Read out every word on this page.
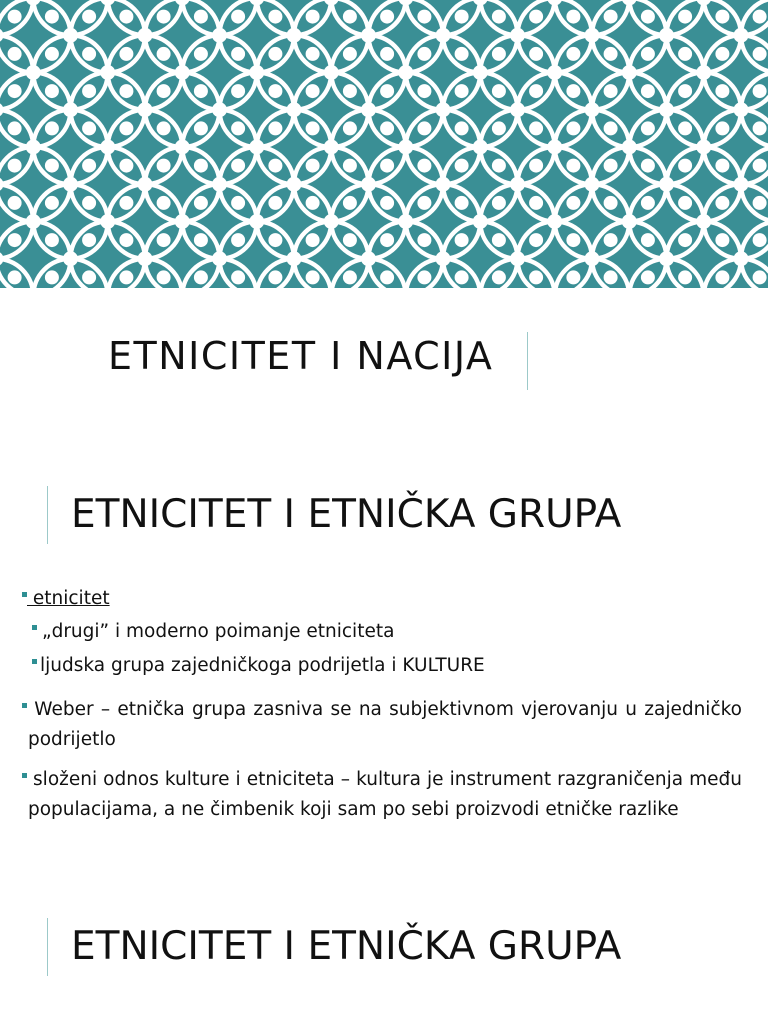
ETNICITET I NACIJA
ETNICITET I ETNIČKA GRUPA
etnicitet
„drugi” i moderno poimanje etniciteta
ljudska grupa zajedničkoga podrijetla i KULTURE
Weber – etnička grupa zasniva se na subjektivnom vjerovanju u zajedničko podrijetlo
složeni odnos kulture i etniciteta – kultura je instrument razgraničenja među populacijama, a ne čimbenik koji sam po sebi proizvodi etničke razlike
ETNICITET I ETNIČKA GRUPA
